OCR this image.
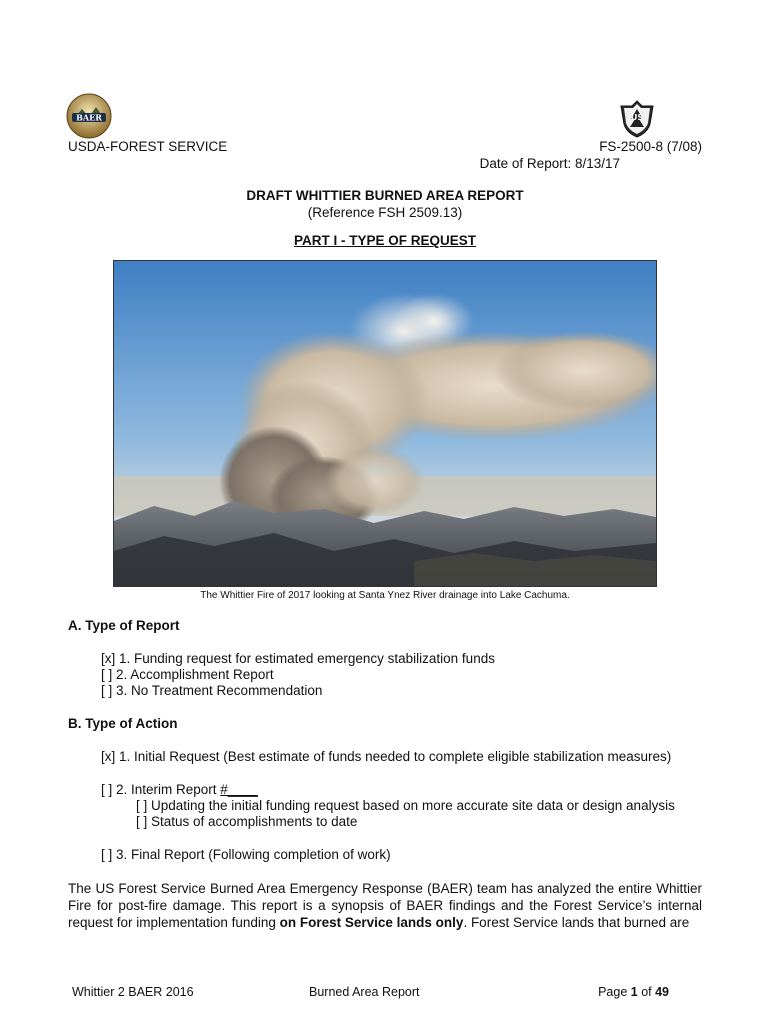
BAER	US
USDA-FOREST SERVICE	FS-2500-8 (7/08)
Date of Report: 8/13/17
DRAFT WHITTIER BURNED AREA REPORT
(Reference FSH 2509.13)
PART I - TYPE OF REQUEST
The Whittier Fire of 2017 looking at Santa Ynez River drainage into Lake Cachuma.
A. Type of Report
[x] 1. Funding request for estimated emergency stabilization funds
[ ] 2. Accomplishment Report
[ ] 3. No Treatment Recommendation
B. Type of Action
[x] 1. Initial Request (Best estimate of funds needed to complete eligible stabilization measures)
[ ] 2. Interim Report #____
[ ] Updating the initial funding request based on more accurate site data or design analysis
[ ] Status of accomplishments to date
[ ] 3. Final Report (Following completion of work)
The US Forest Service Burned Area Emergency Response (BAER) team has analyzed the entire Whittier
Fire for post-fire damage. This report is a synopsis of BAER findings and the Forest Service’s internal
request for implementation funding on Forest Service lands only. Forest Service lands that burned are
Whittier 2 BAER 2016	Burned Area Report	Page 1 of 49
